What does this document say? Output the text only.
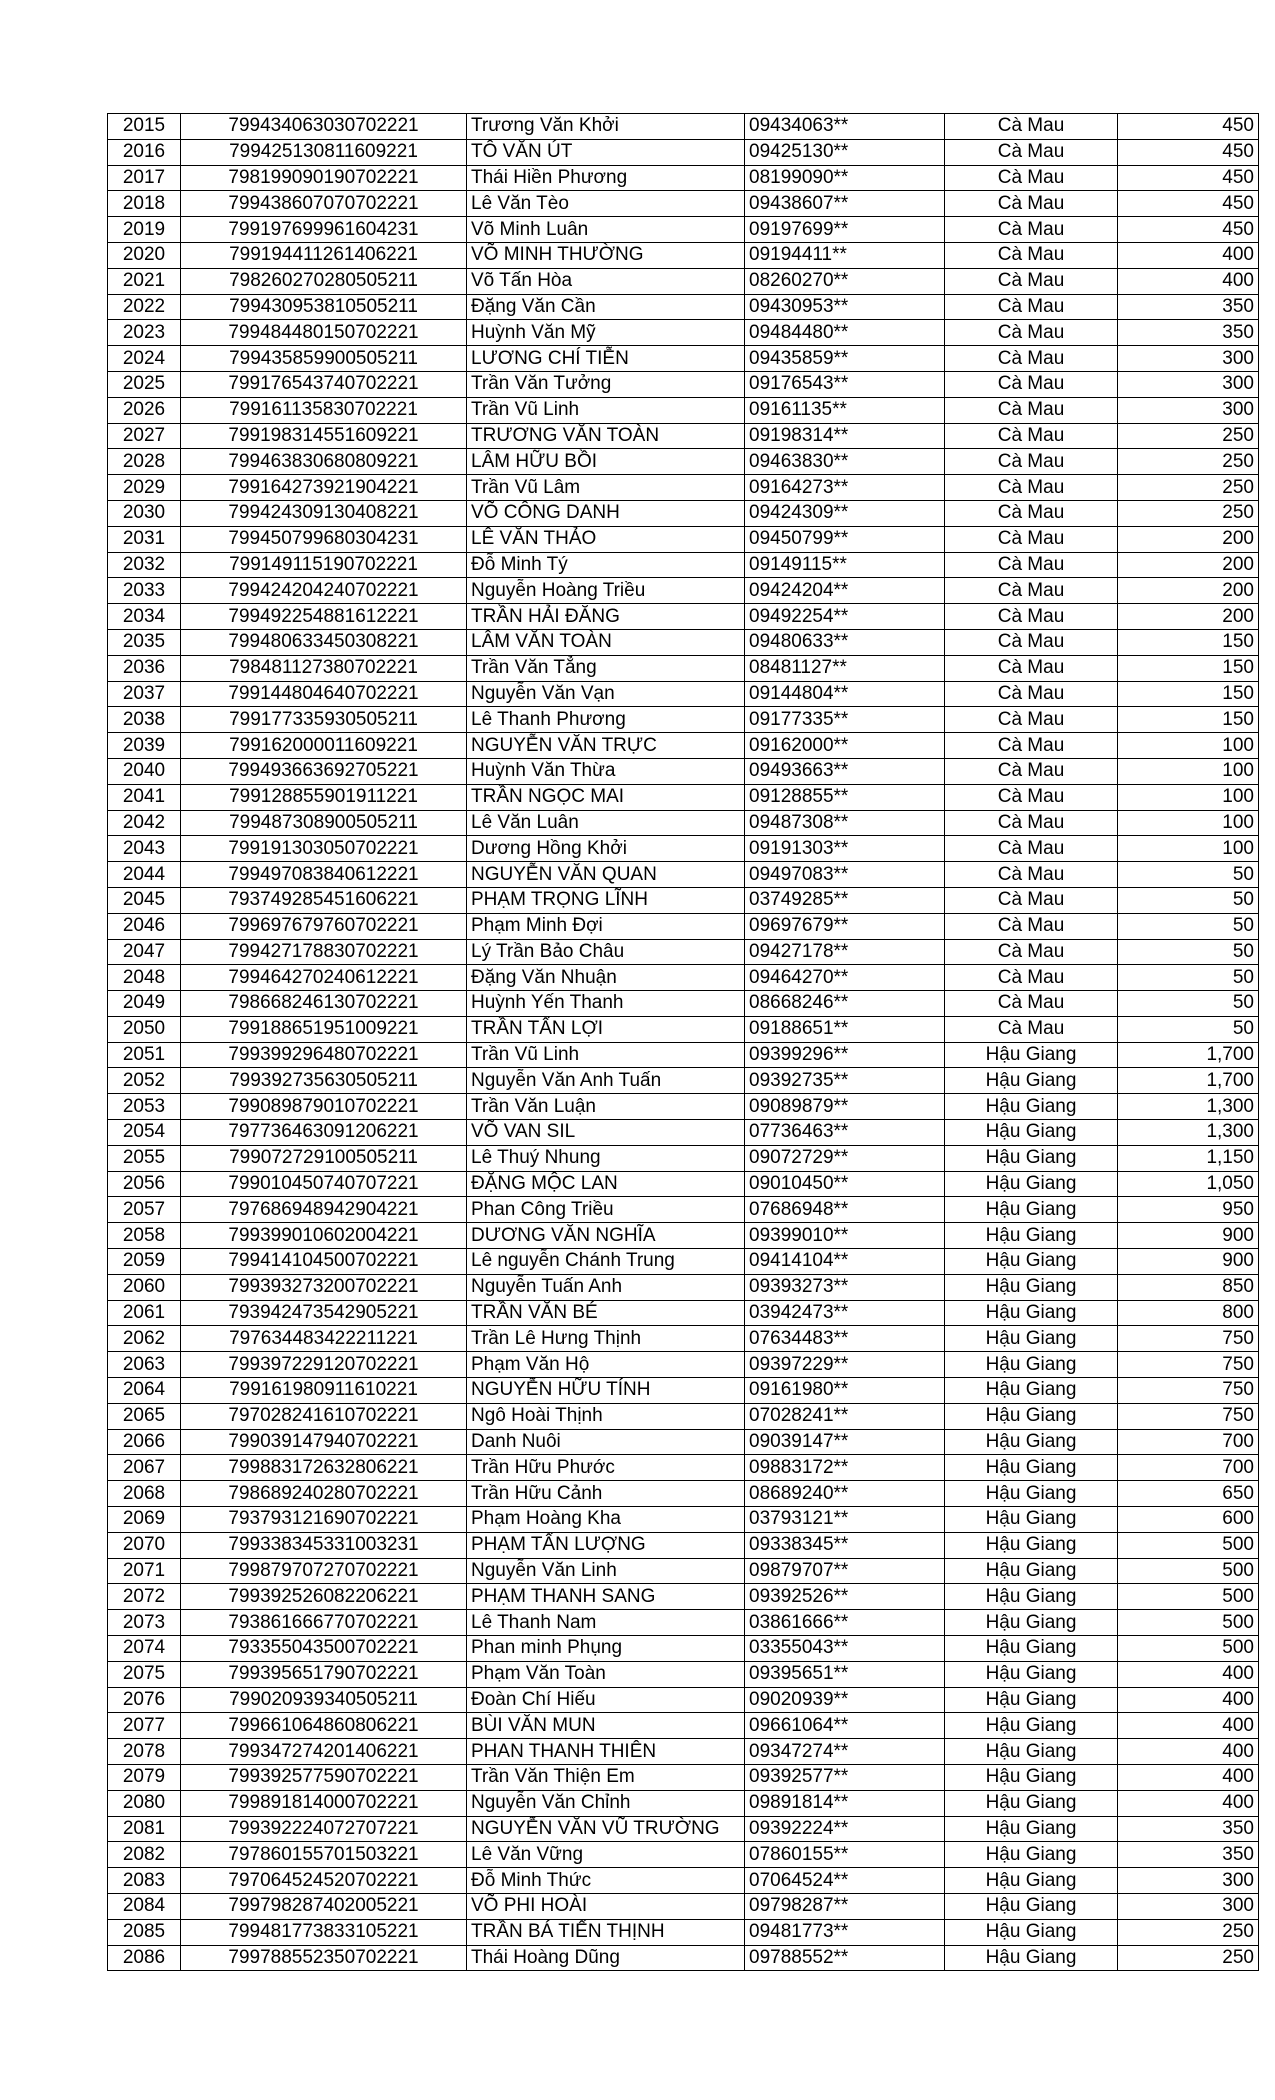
2015	799434063030702221	Trương Văn Khởi	09434063**	Cà Mau	450
2016	799425130811609221	TÔ VĂN ÚT	09425130**	Cà Mau	450
2017	798199090190702221	Thái Hiền Phương	08199090**	Cà Mau	450
2018	799438607070702221	Lê Văn Tèo	09438607**	Cà Mau	450
2019	799197699961604231	Võ Minh Luân	09197699**	Cà Mau	450
2020	799194411261406221	VÕ MINH THƯỜNG	09194411**	Cà Mau	400
2021	798260270280505211	Võ Tấn Hòa	08260270**	Cà Mau	400
2022	799430953810505211	Đặng Văn Cần	09430953**	Cà Mau	350
2023	799484480150702221	Huỳnh Văn Mỹ	09484480**	Cà Mau	350
2024	799435859900505211	LƯƠNG CHÍ TIỄN	09435859**	Cà Mau	300
2025	799176543740702221	Trần Văn Tưởng	09176543**	Cà Mau	300
2026	799161135830702221	Trần Vũ Linh	09161135**	Cà Mau	300
2027	799198314551609221	TRƯƠNG VĂN TOÀN	09198314**	Cà Mau	250
2028	799463830680809221	LÂM HỮU BỒI	09463830**	Cà Mau	250
2029	799164273921904221	Trần Vũ Lâm	09164273**	Cà Mau	250
2030	799424309130408221	VÕ CÔNG DANH	09424309**	Cà Mau	250
2031	799450799680304231	LÊ VĂN THẢO	09450799**	Cà Mau	200
2032	799149115190702221	Đỗ Minh Tý	09149115**	Cà Mau	200
2033	799424204240702221	Nguyễn Hoàng Triều	09424204**	Cà Mau	200
2034	799492254881612221	TRẦN HẢI ĐĂNG	09492254**	Cà Mau	200
2035	799480633450308221	LÂM VĂN TOÀN	09480633**	Cà Mau	150
2036	798481127380702221	Trần Văn Tẳng	08481127**	Cà Mau	150
2037	799144804640702221	Nguyễn Văn Vạn	09144804**	Cà Mau	150
2038	799177335930505211	Lê Thanh Phương	09177335**	Cà Mau	150
2039	799162000011609221	NGUYỄN VĂN TRỰC	09162000**	Cà Mau	100
2040	799493663692705221	Huỳnh Văn Thừa	09493663**	Cà Mau	100
2041	799128855901911221	TRẦN NGỌC MAI	09128855**	Cà Mau	100
2042	799487308900505211	Lê Văn Luân	09487308**	Cà Mau	100
2043	799191303050702221	Dương Hồng Khởi	09191303**	Cà Mau	100
2044	799497083840612221	NGUYỄN VĂN QUAN	09497083**	Cà Mau	50
2045	793749285451606221	PHẠM TRỌNG LĨNH	03749285**	Cà Mau	50
2046	799697679760702221	Phạm Minh Đợi	09697679**	Cà Mau	50
2047	799427178830702221	Lý Trần Bảo Châu	09427178**	Cà Mau	50
2048	799464270240612221	Đặng Văn Nhuận	09464270**	Cà Mau	50
2049	798668246130702221	Huỳnh Yến Thanh	08668246**	Cà Mau	50
2050	799188651951009221	TRẦN TẤN LỢI	09188651**	Cà Mau	50
2051	799399296480702221	Trần Vũ Linh	09399296**	Hậu Giang	1,700
2052	799392735630505211	Nguyễn Văn Anh Tuấn	09392735**	Hậu Giang	1,700
2053	799089879010702221	Trần Văn Luận	09089879**	Hậu Giang	1,300
2054	797736463091206221	VÕ VAN SIL	07736463**	Hậu Giang	1,300
2055	799072729100505211	Lê Thuý Nhung	09072729**	Hậu Giang	1,150
2056	799010450740707221	ĐẶNG MỘC LAN	09010450**	Hậu Giang	1,050
2057	797686948942904221	Phan Công Triều	07686948**	Hậu Giang	950
2058	799399010602004221	DƯƠNG VĂN NGHĨA	09399010**	Hậu Giang	900
2059	799414104500702221	Lê nguyễn Chánh Trung	09414104**	Hậu Giang	900
2060	799393273200702221	Nguyễn Tuấn Anh	09393273**	Hậu Giang	850
2061	793942473542905221	TRẦN VĂN BÉ	03942473**	Hậu Giang	800
2062	797634483422211221	Trần Lê Hưng Thịnh	07634483**	Hậu Giang	750
2063	799397229120702221	Phạm Văn Hộ	09397229**	Hậu Giang	750
2064	799161980911610221	NGUYỄN HỮU TÍNH	09161980**	Hậu Giang	750
2065	797028241610702221	Ngô Hoài Thịnh	07028241**	Hậu Giang	750
2066	799039147940702221	Danh Nuôi	09039147**	Hậu Giang	700
2067	799883172632806221	Trần Hữu Phước	09883172**	Hậu Giang	700
2068	798689240280702221	Trần Hữu Cảnh	08689240**	Hậu Giang	650
2069	793793121690702221	Phạm Hoàng Kha	03793121**	Hậu Giang	600
2070	799338345331003231	PHẠM TẤN LƯỢNG	09338345**	Hậu Giang	500
2071	799879707270702221	Nguyễn Văn Linh	09879707**	Hậu Giang	500
2072	799392526082206221	PHẠM THANH SANG	09392526**	Hậu Giang	500
2073	793861666770702221	Lê Thanh Nam	03861666**	Hậu Giang	500
2074	793355043500702221	Phan minh Phụng	03355043**	Hậu Giang	500
2075	799395651790702221	Phạm Văn Toàn	09395651**	Hậu Giang	400
2076	799020939340505211	Đoàn Chí Hiếu	09020939**	Hậu Giang	400
2077	799661064860806221	BÙI VĂN MUN	09661064**	Hậu Giang	400
2078	799347274201406221	PHAN THANH THIÊN	09347274**	Hậu Giang	400
2079	799392577590702221	Trần Văn Thiện Em	09392577**	Hậu Giang	400
2080	799891814000702221	Nguyễn Văn Chỉnh	09891814**	Hậu Giang	400
2081	799392224072707221	NGUYỄN VĂN VŨ TRƯỜNG	09392224**	Hậu Giang	350
2082	797860155701503221	Lê Văn Vững	07860155**	Hậu Giang	350
2083	797064524520702221	Đỗ Minh Thức	07064524**	Hậu Giang	300
2084	799798287402005221	VÕ PHI HOÀI	09798287**	Hậu Giang	300
2085	799481773833105221	TRẦN BÁ TIẾN THỊNH	09481773**	Hậu Giang	250
2086	799788552350702221	Thái Hoàng Dũng	09788552**	Hậu Giang	250
